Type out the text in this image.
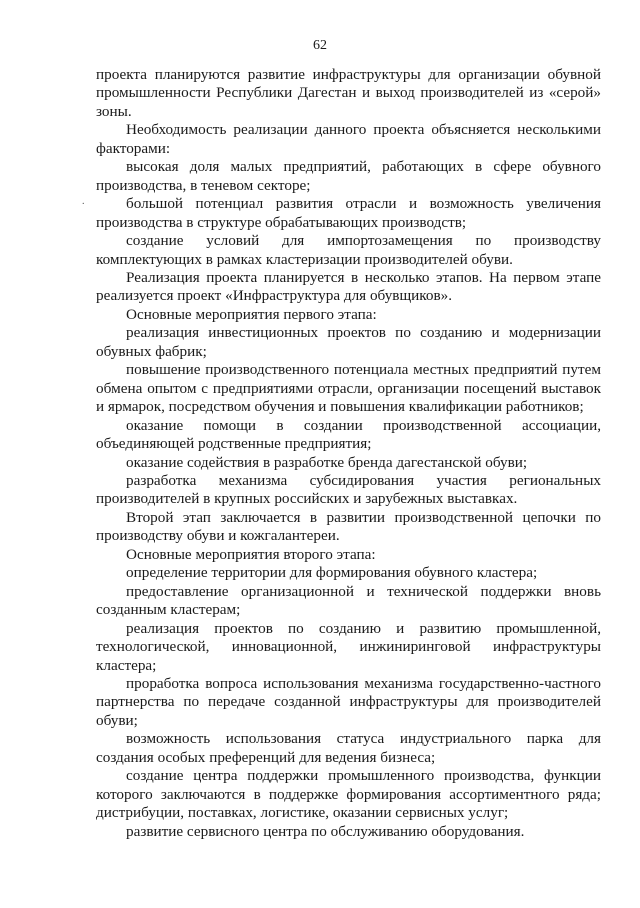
62
.

проекта планируются развитие инфраструктуры для организации обувной промышленности Республики Дагестан и выход производителей из «серой» зоны.

Необходимость реализации данного проекта объясняется несколькими факторами:

высокая доля малых предприятий, работающих в сфере обувного производства, в теневом секторе;

большой потенциал развития отрасли и возможность увеличения производства в структуре обрабатывающих производств;

создание условий для импортозамещения по производству комплектующих в рамках кластеризации производителей обуви.

Реализация проекта планируется в несколько этапов. На первом этапе реализуется проект «Инфраструктура для обувщиков».

Основные мероприятия первого этапа:

реализация инвестиционных проектов по созданию и модернизации обувных фабрик;

повышение производственного потенциала местных предприятий путем обмена опытом с предприятиями отрасли, организации посещений выставок и ярмарок, посредством обучения и повышения квалификации работников;

оказание помощи в создании производственной ассоциации, объединяющей родственные предприятия;

оказание содействия в разработке бренда дагестанской обуви;

разработка механизма субсидирования участия региональных производителей в крупных российских и зарубежных выставках.

Второй этап заключается в развитии производственной цепочки по производству обуви и кожгалантереи.

Основные мероприятия второго этапа:

определение территории для формирования обувного кластера;

предоставление организационной и технической поддержки вновь созданным кластерам;

реализация проектов по созданию и развитию промышленной, технологической, инновационной, инжиниринговой инфраструктуры кластера;

проработка вопроса использования механизма государственно-частного партнерства по передаче созданной инфраструктуры для производителей обуви;

возможность использования статуса индустриального парка для создания особых преференций для ведения бизнеса;

создание центра поддержки промышленного производства, функции которого заключаются в поддержке формирования ассортиментного ряда; дистрибуции, поставках, логистике, оказании сервисных услуг;

развитие сервисного центра по обслуживанию оборудования.
